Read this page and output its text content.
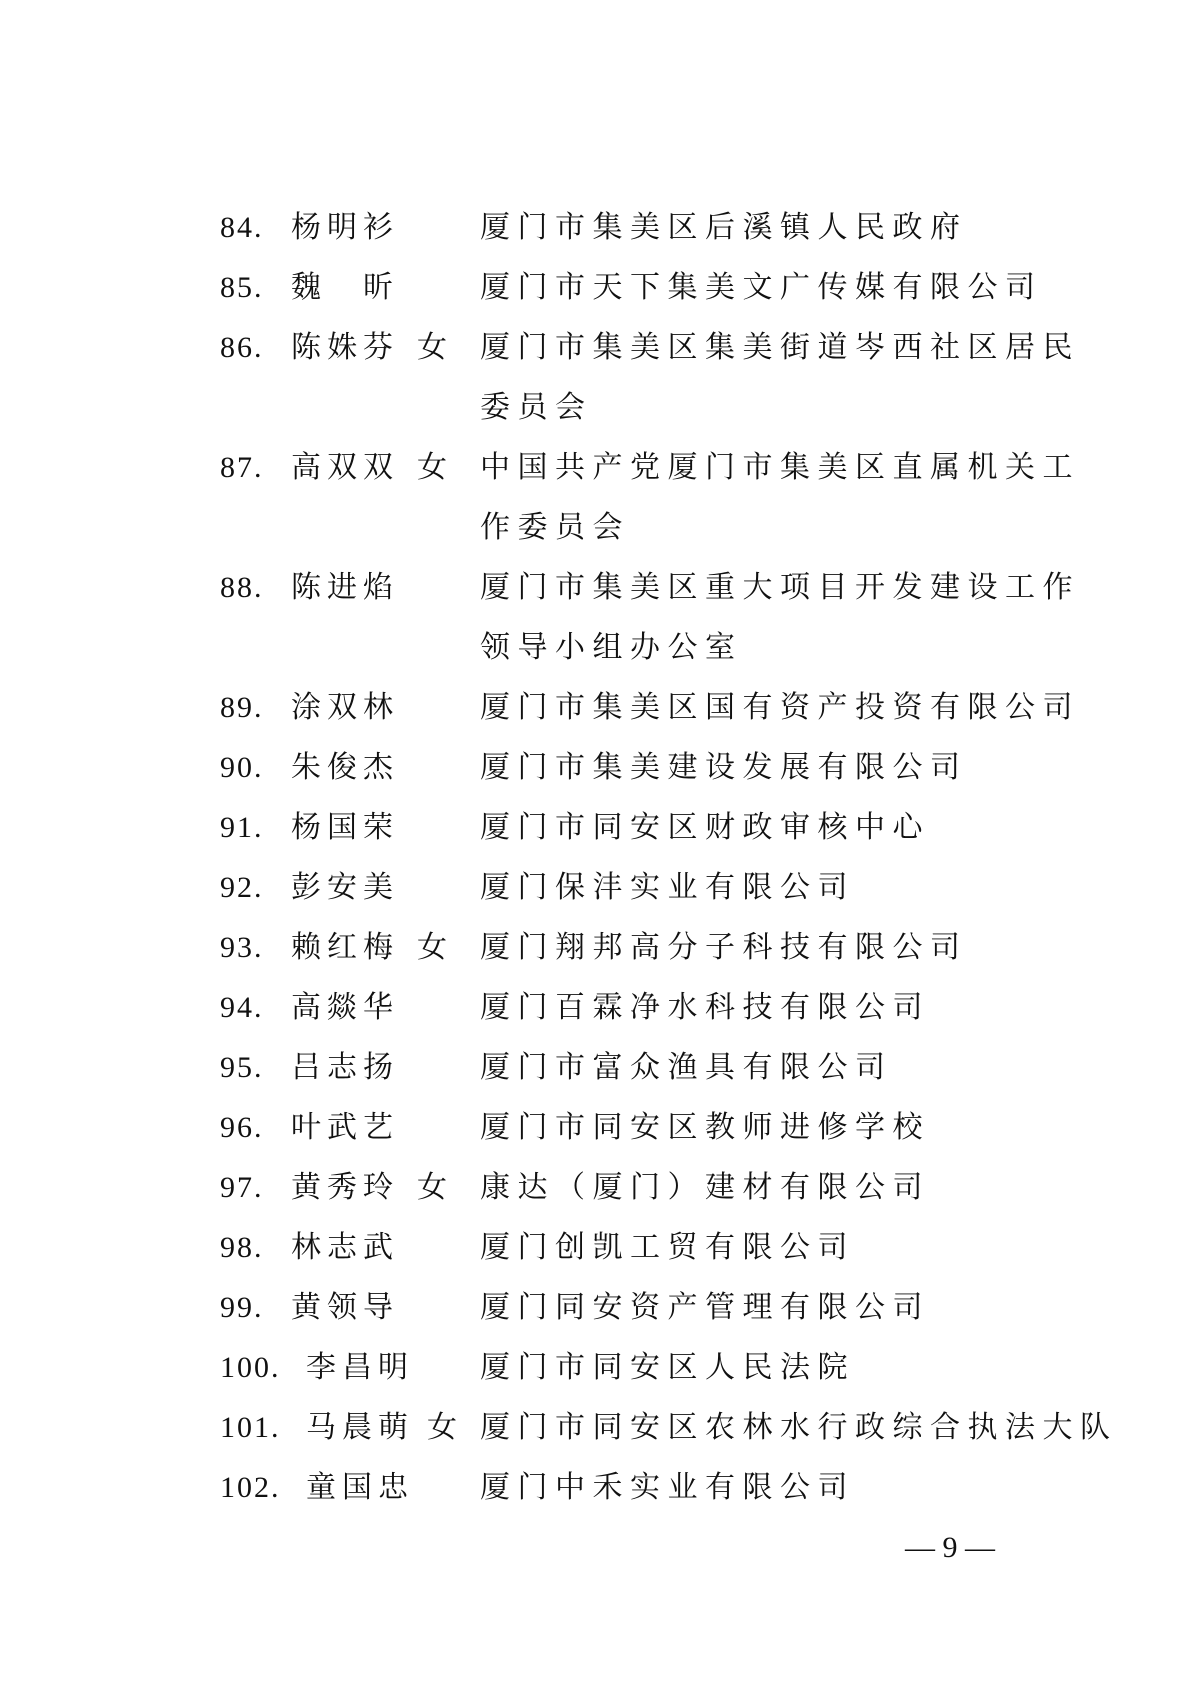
84. 杨明衫	厦门市集美区后溪镇人民政府
85. 魏　昕	厦门市天下集美文广传媒有限公司
86. 陈姝芬 女 厦门市集美区集美街道岑西社区居民
委员会
87. 高双双 女 中国共产党厦门市集美区直属机关工
作委员会
88. 陈进焰	厦门市集美区重大项目开发建设工作
领导小组办公室
89. 涂双林	厦门市集美区国有资产投资有限公司
90. 朱俊杰	厦门市集美建设发展有限公司
91. 杨国荣	厦门市同安区财政审核中心
92. 彭安美	厦门保沣实业有限公司
93. 赖红梅 女 厦门翔邦高分子科技有限公司
94. 高燚华	厦门百霖净水科技有限公司
95. 吕志扬	厦门市富众渔具有限公司
96. 叶武艺	厦门市同安区教师进修学校
97. 黄秀玲 女 康达（厦门）建材有限公司
98. 林志武	厦门创凯工贸有限公司
99. 黄领导	厦门同安资产管理有限公司
100. 李昌明 厦门市同安区人民法院
101. 马晨萌 女 厦门市同安区农林水行政综合执法大队
102. 童国忠 厦门中禾实业有限公司
— 9 —
